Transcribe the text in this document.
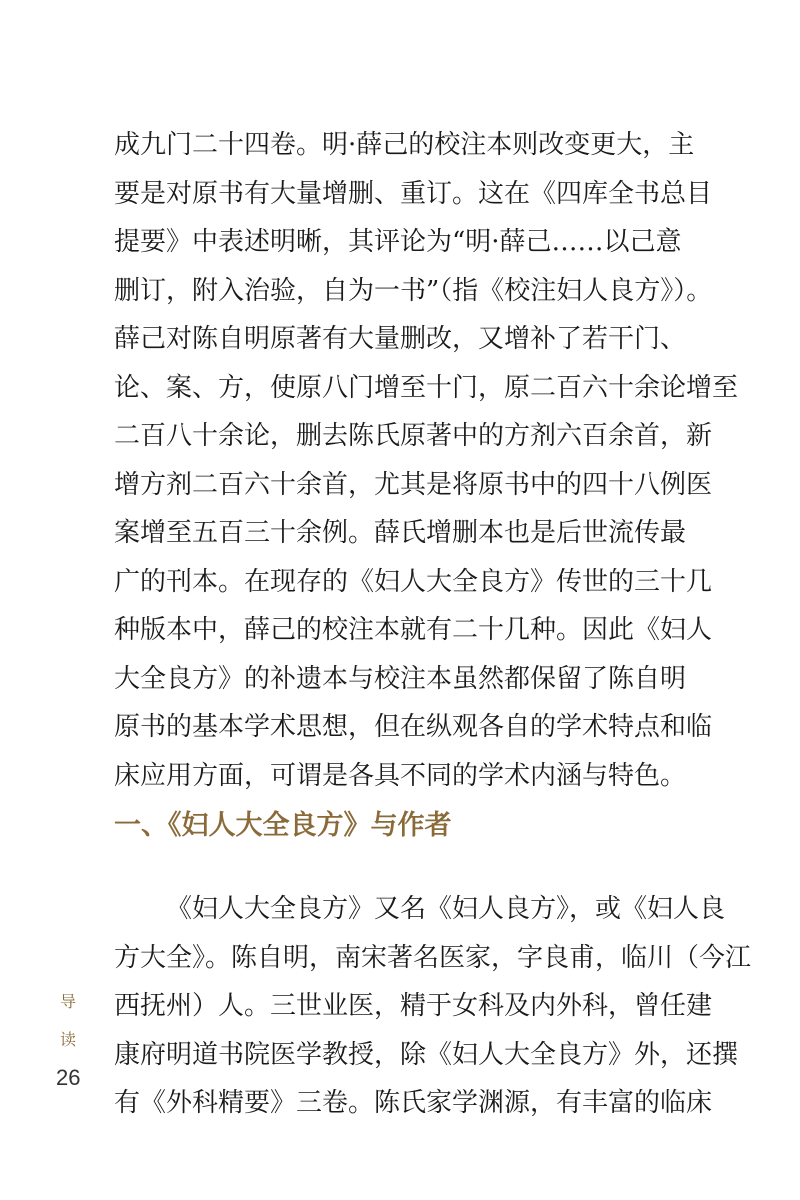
成九门二十四卷。明·薛己的校注本则改变更大，主
要是对原书有大量增删、重订。这在《四库全书总目
提要》中表述明晰，其评论为“明·薛己……以己意
删订，附入治验，自为一书”（指《校注妇人良方》）。
薛己对陈自明原著有大量删改，又增补了若干门、
论、案、方，使原八门增至十门，原二百六十余论增至
二百八十余论，删去陈氏原著中的方剂六百余首，新
增方剂二百六十余首，尤其是将原书中的四十八例医
案增至五百三十余例。薛氏增删本也是后世流传最
广的刊本。在现存的《妇人大全良方》传世的三十几
种版本中，薛己的校注本就有二十几种。因此《妇人
大全良方》的补遗本与校注本虽然都保留了陈自明
原书的基本学术思想，但在纵观各自的学术特点和临
床应用方面，可谓是各具不同的学术内涵与特色。
一、《妇人大全良方》与作者
《妇人大全良方》又名《妇人良方》，或《妇人良
方大全》。陈自明，南宋著名医家，字良甫，临川（今江
西抚州）人。三世业医，精于女科及内外科，曾任建
康府明道书院医学教授，除《妇人大全良方》外，还撰
有《外科精要》三卷。陈氏家学渊源，有丰富的临床
导
读
26
